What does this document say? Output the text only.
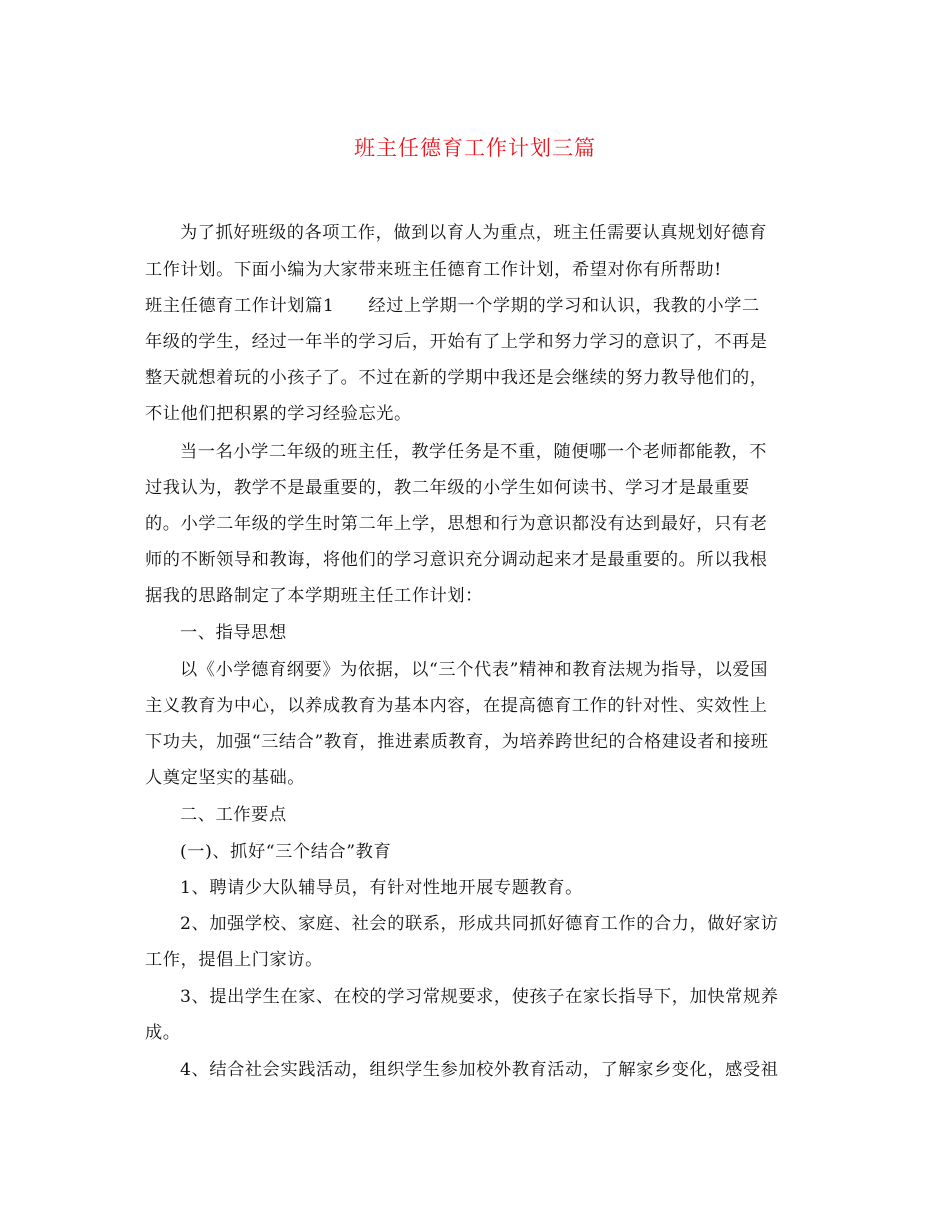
班主任德育工作计划三篇
为了抓好班级的各项工作，做到以育人为重点，班主任需要认真规划好德育
工作计划。下面小编为大家带来班主任德育工作计划，希望对你有所帮助!
班主任德育工作计划篇1 经过上学期一个学期的学习和认识，我教的小学二
年级的学生，经过一年半的学习后，开始有了上学和努力学习的意识了，不再是
整天就想着玩的小孩子了。不过在新的学期中我还是会继续的努力教导他们的，
不让他们把积累的学习经验忘光。
当一名小学二年级的班主任，教学任务是不重，随便哪一个老师都能教，不
过我认为，教学不是最重要的，教二年级的小学生如何读书、学习才是最重要
的。小学二年级的学生时第二年上学，思想和行为意识都没有达到最好，只有老
师的不断领导和教诲，将他们的学习意识充分调动起来才是最重要的。所以我根
据我的思路制定了本学期班主任工作计划：
一、指导思想
以《小学德育纲要》为依据，以“三个代表”精神和教育法规为指导，以爱国
主义教育为中心，以养成教育为基本内容，在提高德育工作的针对性、实效性上
下功夫，加强“三结合”教育，推进素质教育，为培养跨世纪的合格建设者和接班
人奠定坚实的基础。
二、工作要点
(一)、抓好“三个结合”教育
1、聘请少大队辅导员，有针对性地开展专题教育。
2、加强学校、家庭、社会的联系，形成共同抓好德育工作的合力，做好家访
工作，提倡上门家访。
3、提出学生在家、在校的学习常规要求，使孩子在家长指导下，加快常规养
成。
4、结合社会实践活动，组织学生参加校外教育活动，了解家乡变化，感受祖
